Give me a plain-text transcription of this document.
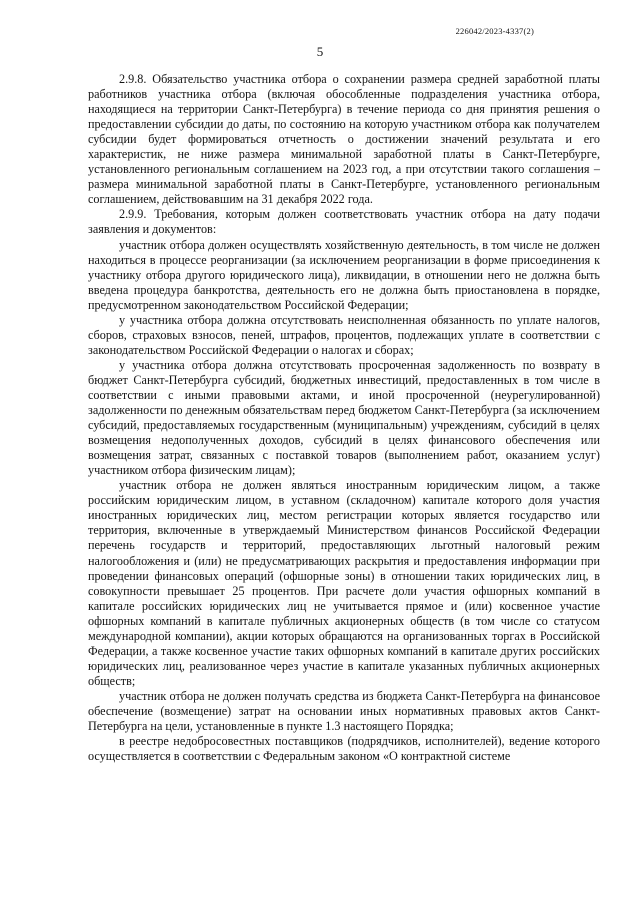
226042/2023-4337(2)
5

2.9.8. Обязательство участника отбора о сохранении размера средней заработной платы работников участника отбора (включая обособленные подразделения участника отбора, находящиеся на территории Санкт-Петербурга) в течение периода со дня принятия решения о предоставлении субсидии до даты, по состоянию на которую участником отбора как получателем субсидии будет формироваться отчетность о достижении значений результата и его характеристик, не ниже размера минимальной заработной платы в Санкт-Петербурге, установленного региональным соглашением на 2023 год, а при отсутствии такого соглашения – размера минимальной заработной платы в Санкт-Петербурге, установленного региональным соглашением, действовавшим на 31 декабря 2022 года.

2.9.9. Требования, которым должен соответствовать участник отбора на дату подачи заявления и документов:

участник отбора должен осуществлять хозяйственную деятельность, в том числе не должен находиться в процессе реорганизации (за исключением реорганизации в форме присоединения к участнику отбора другого юридического лица), ликвидации, в отношении него не должна быть введена процедура банкротства, деятельность его не должна быть приостановлена в порядке, предусмотренном законодательством Российской Федерации;

у участника отбора должна отсутствовать неисполненная обязанность по уплате налогов, сборов, страховых взносов, пеней, штрафов, процентов, подлежащих уплате в соответствии с законодательством Российской Федерации о налогах и сборах;

у участника отбора должна отсутствовать просроченная задолженность по возврату в бюджет Санкт-Петербурга субсидий, бюджетных инвестиций, предоставленных в том числе в соответствии с иными правовыми актами, и иной просроченной (неурегулированной) задолженности по денежным обязательствам перед бюджетом Санкт-Петербурга (за исключением субсидий, предоставляемых государственным (муниципальным) учреждениям, субсидий в целях возмещения недополученных доходов, субсидий в целях финансового обеспечения или возмещения затрат, связанных с поставкой товаров (выполнением работ, оказанием услуг) участником отбора физическим лицам);

участник отбора не должен являться иностранным юридическим лицом, а также российским юридическим лицом, в уставном (складочном) капитале которого доля участия иностранных юридических лиц, местом регистрации которых является государство или территория, включенные в утверждаемый Министерством финансов Российской Федерации перечень государств и территорий, предоставляющих льготный налоговый режим налогообложения и (или) не предусматривающих раскрытия и предоставления информации при проведении финансовых операций (офшорные зоны) в отношении таких юридических лиц, в совокупности превышает 25 процентов. При расчете доли участия офшорных компаний в капитале российских юридических лиц не учитывается прямое и (или) косвенное участие офшорных компаний в капитале публичных акционерных обществ (в том числе со статусом международной компании), акции которых обращаются на организованных торгах в Российской Федерации, а также косвенное участие таких офшорных компаний в капитале других российских юридических лиц, реализованное через участие в капитале указанных публичных акционерных обществ;

участник отбора не должен получать средства из бюджета Санкт-Петербурга на финансовое обеспечение (возмещение) затрат на основании иных нормативных правовых актов Санкт-Петербурга на цели, установленные в пункте 1.3 настоящего Порядка;

в реестре недобросовестных поставщиков (подрядчиков, исполнителей), ведение которого осуществляется в соответствии с Федеральным законом «О контрактной системе
